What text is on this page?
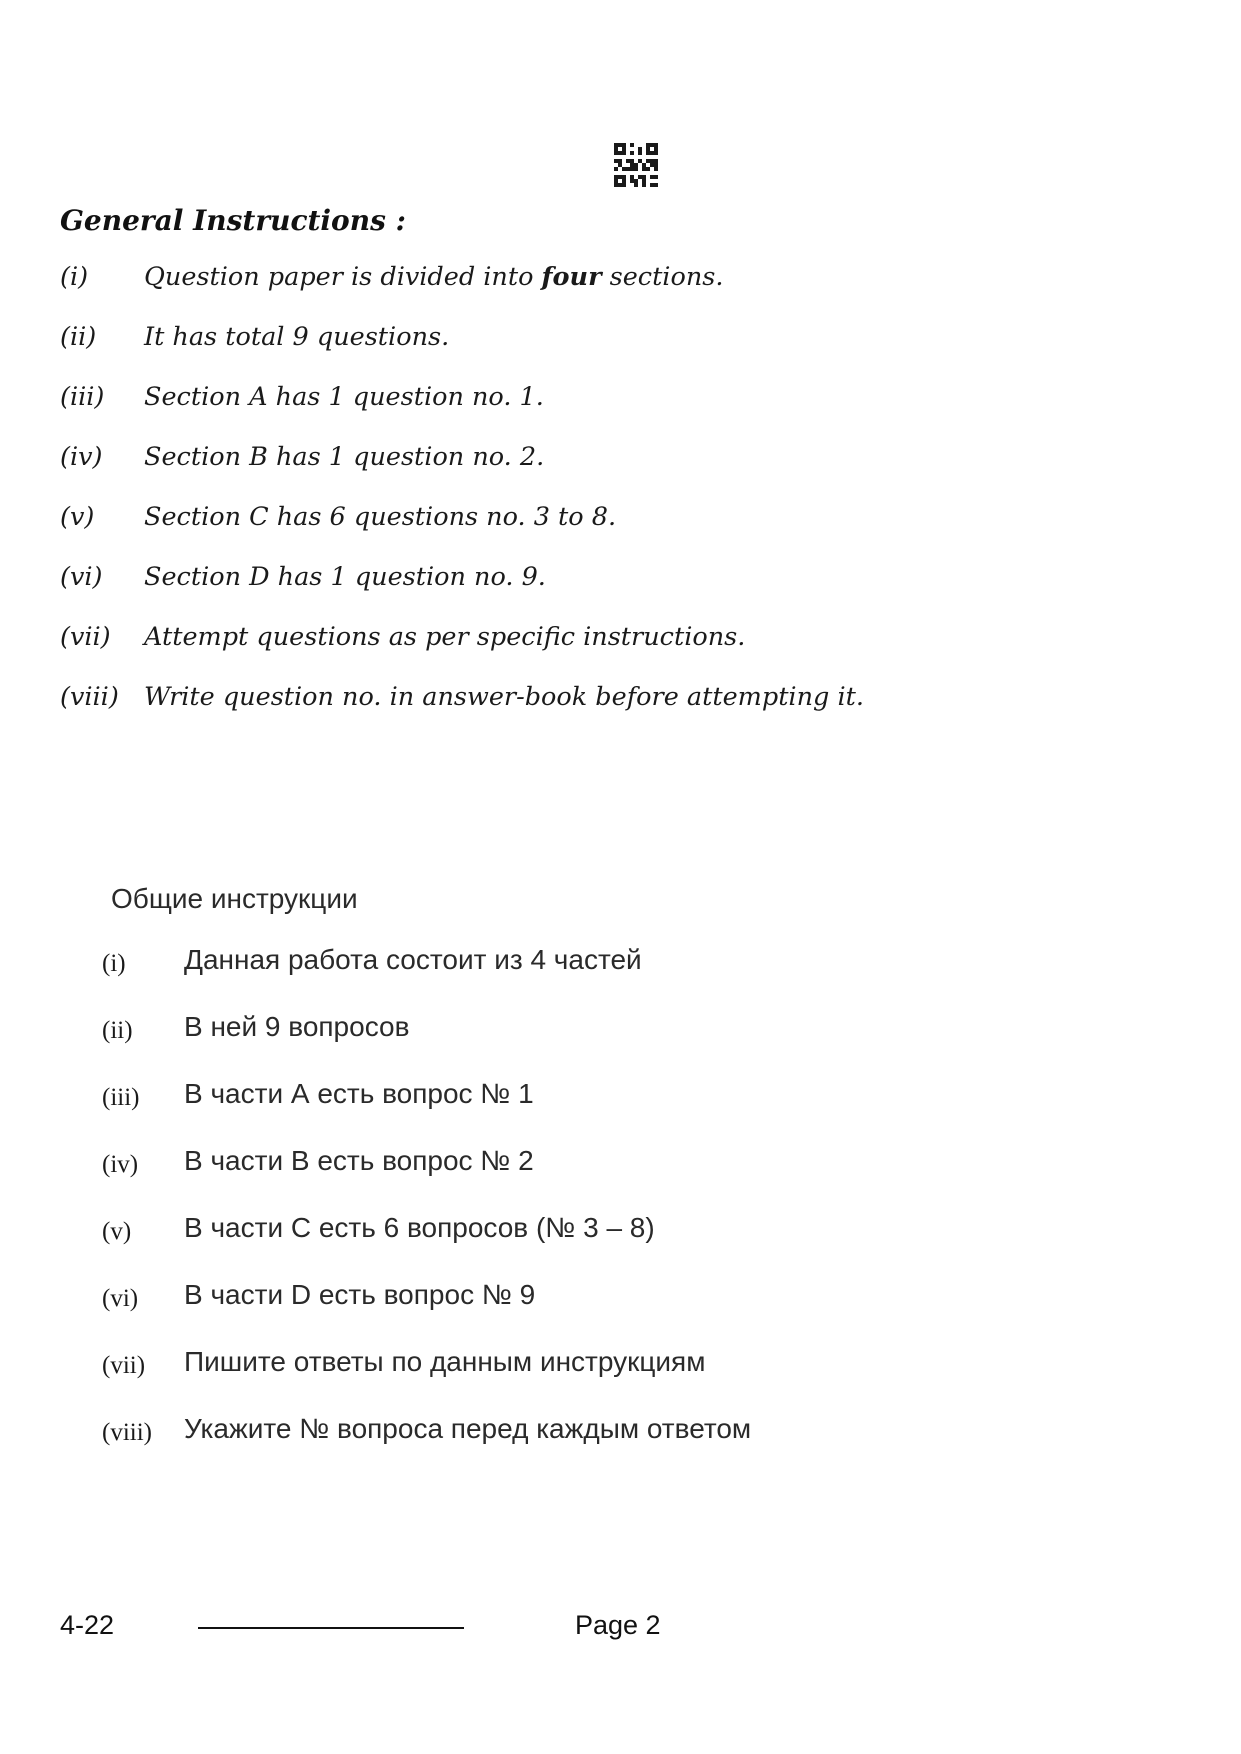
General Instructions :
(i) Question paper is divided into four sections.
(ii) It has total 9 questions.
(iii) Section A has 1 question no. 1.
(iv) Section B has 1 question no. 2.
(v) Section C has 6 questions no. 3 to 8.
(vi) Section D has 1 question no. 9.
(vii) Attempt questions as per specific instructions.
(viii) Write question no. in answer-book before attempting it.
Общие инструкции
(i) Данная работа состоит из 4 частей
(ii) В ней 9 вопросов
(iii) В части А есть вопрос № 1
(iv) В части В есть вопрос № 2
(v) В части С есть 6 вопросов (№ 3 – 8)
(vi) В части D есть вопрос № 9
(vii) Пишите ответы по данным инструкциям
(viii) Укажите № вопроса перед каждым ответом
4-22	Page 2
